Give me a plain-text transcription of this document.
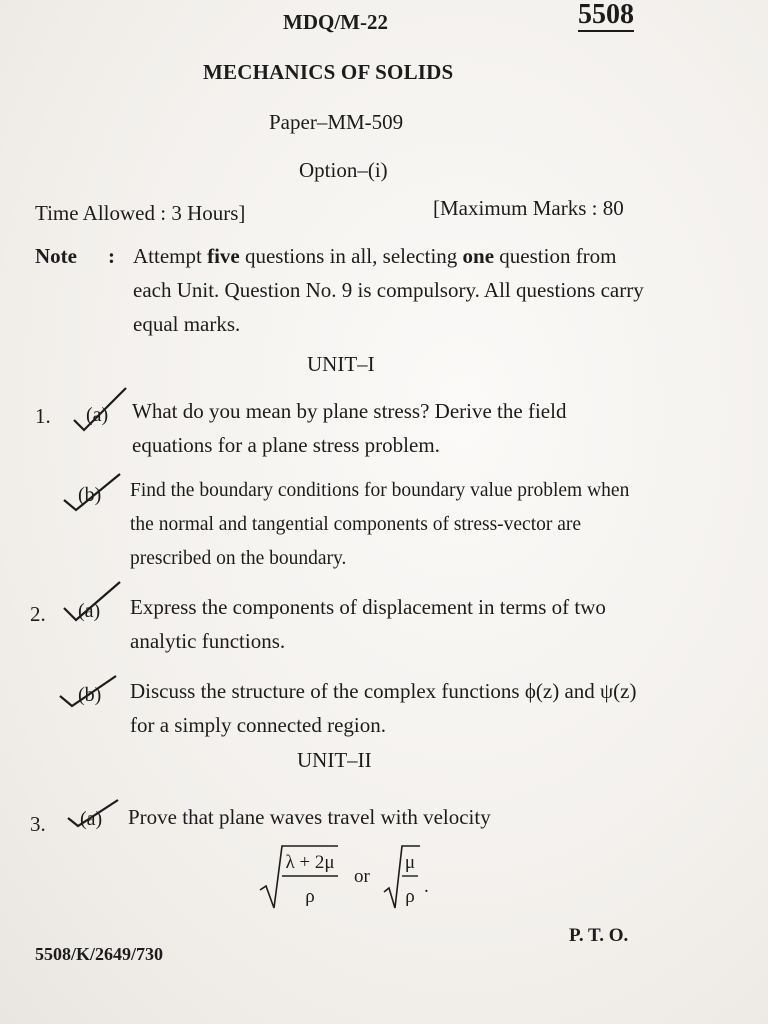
MDQ/M-22	5508
MECHANICS OF SOLIDS
Paper–MM-509
Option–(i)
Time Allowed : 3 Hours]	[Maximum Marks : 80
Note : Attempt five questions in all, selecting one question from each Unit. Question No. 9 is compulsory. All questions carry equal marks.
UNIT–I
1. (a) What do you mean by plane stress? Derive the field equations for a plane stress problem.
(b) Find the boundary conditions for boundary value problem when the normal and tangential components of stress-vector are prescribed on the boundary.
2. (a) Express the components of displacement in terms of two analytic functions.
(b) Discuss the structure of the complex functions ϕ(z) and ψ(z) for a simply connected region.
UNIT–II
3. (a) Prove that plane waves travel with velocity
λ + 2μ
ρ
or
μ
ρ .
5508/K/2649/730
P. T. O.
